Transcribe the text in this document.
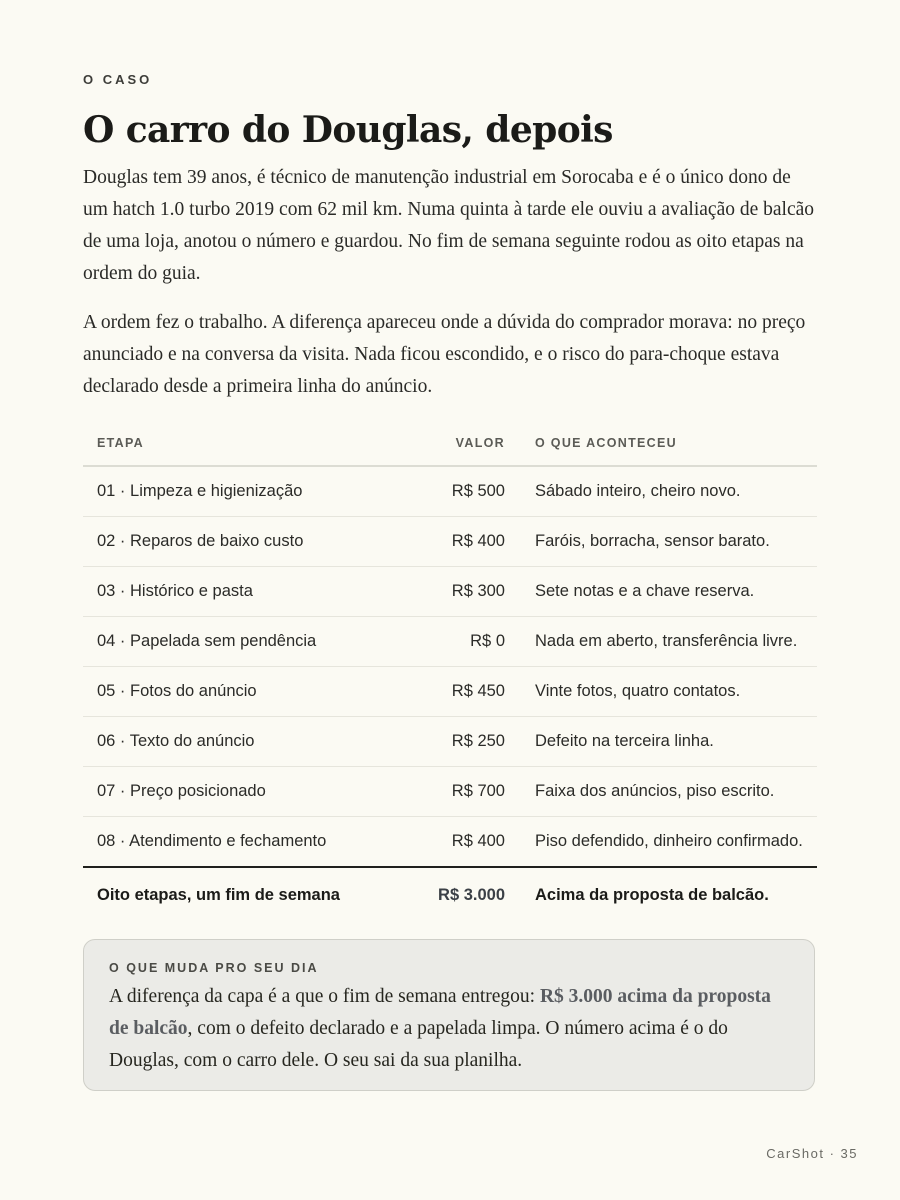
O CASO
O carro do Douglas, depois

Douglas tem 39 anos, é técnico de manutenção industrial em Sorocaba e é o único dono de um hatch 1.0 turbo 2019 com 62 mil km. Numa quinta à tarde ele ouviu a avaliação de balcão de uma loja, anotou o número e guardou. No fim de semana seguinte rodou as oito etapas na ordem do guia.

A ordem fez o trabalho. A diferença apareceu onde a dúvida do comprador morava: no preço anunciado e na conversa da visita. Nada ficou escondido, e o risco do para-choque estava declarado desde a primeira linha do anúncio.

ETAPA	VALOR	O QUE ACONTECEU
01 · Limpeza e higienização	R$ 500	Sábado inteiro, cheiro novo.
02 · Reparos de baixo custo	R$ 400	Faróis, borracha, sensor barato.
03 · Histórico e pasta	R$ 300	Sete notas e a chave reserva.
04 · Papelada sem pendência	R$ 0	Nada em aberto, transferência livre.
05 · Fotos do anúncio	R$ 450	Vinte fotos, quatro contatos.
06 · Texto do anúncio	R$ 250	Defeito na terceira linha.
07 · Preço posicionado	R$ 700	Faixa dos anúncios, piso escrito.
08 · Atendimento e fechamento	R$ 400	Piso defendido, dinheiro confirmado.
Oito etapas, um fim de semana	R$ 3.000	Acima da proposta de balcão.
O QUE MUDA PRO SEU DIA

A diferença da capa é a que o fim de semana entregou: R$ 3.000 acima da proposta de balcão, com o defeito declarado e a papelada limpa. O número acima é o do Douglas, com o carro dele. O seu sai da sua planilha.

CarShot · 35
